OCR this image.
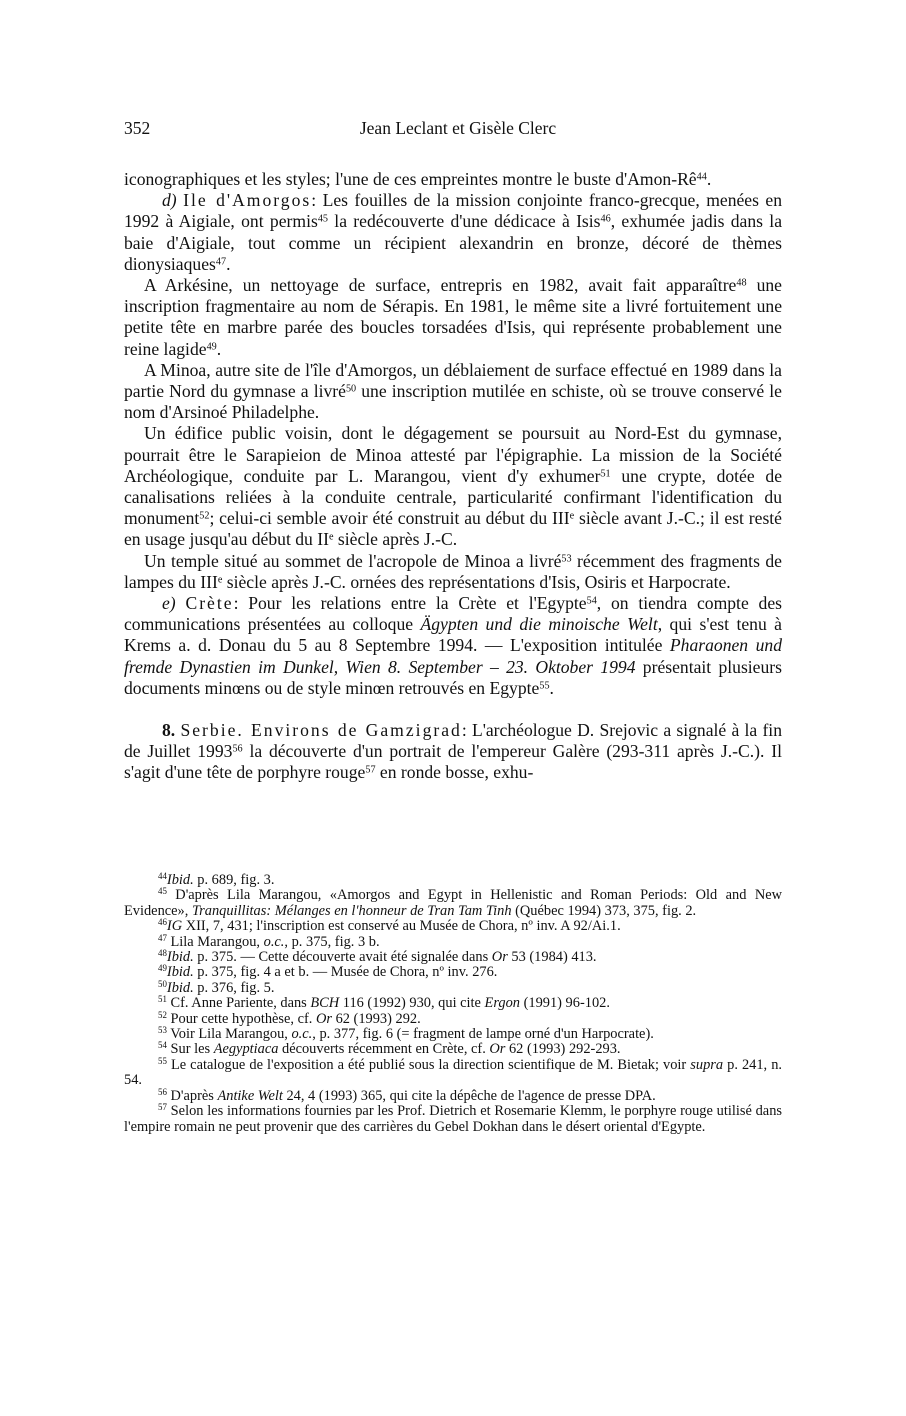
352	Jean Leclant et Gisèle Clerc

iconographiques et les styles; l'une de ces empreintes montre le buste $d'Amon-Rê^{44}$.

d) Ile d'Amorgos: Les fouilles de la mission conjointe franco-grecque, menées en 1992 à Aigiale, ont permis$^{45}$ la redécouverte d'une dédicace à Isis$^{46}$, exhumée jadis dans la baie d'Aigiale, tout comme un récipient alexandrin en bronze, décoré de thèmes dionysiaques$^{47}$.

A Arkésine, un nettoyage de surface, entrepris en 1982, avait fait apparaître$^{48}$ une inscription fragmentaire au nom de Sérapis. En 1981, le même site a livré fortuitement une petite tête en marbre parée des boucles torsadées d'Isis, qui représente probablement une reine lagide$^{49}$.

A Minoa, autre site de l'île d'Amorgos, un déblaiement de surface effectué en 1989 dans la partie Nord du gymnase a livré$^{50}$ une inscription mutilée en schiste, où se trouve conservé le nom d'Arsinoé Philadelphe.

Un édifice public voisin, dont le dégagement se poursuit au Nord-Est du gymnase, pourrait être le Sarapieion de Minoa attesté par l'épigraphie. La mission de la Société Archéologique, conduite par L. Marangou, vient d'y exhumer$^{51}$ une crypte, dotée de canalisations reliées à la conduite centrale, particularité confirmant l'identification du monument$^{52}$; celui-ci semble avoir été construit au début du IIIe siècle avant J.-C.; il est resté en usage jusqu'au début du IIe siècle après J.-C.

Un temple situé au sommet de l'acropole de Minoa a livré$^{53}$ récemment des fragments de lampes du IIIe siècle après J.-C. ornées des représentations d'Isis, Osiris et Harpocrate.

e) Crète: Pour les relations entre la Crète et l'Egypte$^{54}$, on tiendra compte des communications présentées au colloque Ägypten und die minoische Welt, qui s'est tenu à Krems a. d. Donau du 5 au 8 Septembre 1994. — L'exposition intitulée Pharaonen und fremde Dynastien im Dunkel, Wien 8. September – 23. Oktober 1994 présentait plusieurs documents minœns ou de style minœn retrouvés en Egypte$^{55}$.

8. Serbie. Environs de Gamzigrad: L'archéologue D. Srejovic a signalé à la fin de Juillet 1993$^{56}$ la découverte d'un portrait de l'empereur Galère (293-311 après J.-C.). Il s'agit d'une tête de porphyre rouge$^{57}$ en ronde bosse, exhu-

$^{44}$Ibid. p. 689, fig. 3.

$^{45}$ D'après Lila Marangou, «Amorgos and Egypt in Hellenistic and Roman Periods: Old and New Evidence», Tranquillitas: Mélanges en l'honneur de Tran Tam Tinh (Québec 1994) 373, 375, fig. 2.

$^{46}$IG XII, 7, 431; l'inscription est conservé au Musée de Chora, nº inv. A 92/Ai.1.

$^{47}$ Lila Marangou, o.c., p. 375, fig. 3 b.

$^{48}$Ibid. p. 375. — Cette découverte avait été signalée dans Or 53 (1984) 413.

$^{49}$Ibid. p. 375, fig. 4 a et b. — Musée de Chora, nº inv. 276.

$^{50}$Ibid. p. 376, fig. 5.

$^{51}$ Cf. Anne Pariente, dans BCH 116 (1992) 930, qui cite Ergon (1991) 96-102.

$^{52}$ Pour cette hypothèse, cf. Or 62 (1993) 292.

$^{53}$ Voir Lila Marangou, o.c., p. 377, fig. 6 (= fragment de lampe orné d'un Harpocrate).

$^{54}$ Sur les Aegyptiaca découverts récemment en Crète, cf. Or 62 (1993) 292-293.

$^{55}$ Le catalogue de l'exposition a été publié sous la direction scientifique de M. Bietak; voir supra p. 241, n. 54.

$^{56}$ D'après Antike Welt 24, 4 (1993) 365, qui cite la dépêche de l'agence de presse DPA.

$^{57}$ Selon les informations fournies par les Prof. Dietrich et Rosemarie Klemm, le porphyre rouge utilisé dans l'empire romain ne peut provenir que des carrières du Gebel Dokhan dans le désert oriental d'Egypte.
